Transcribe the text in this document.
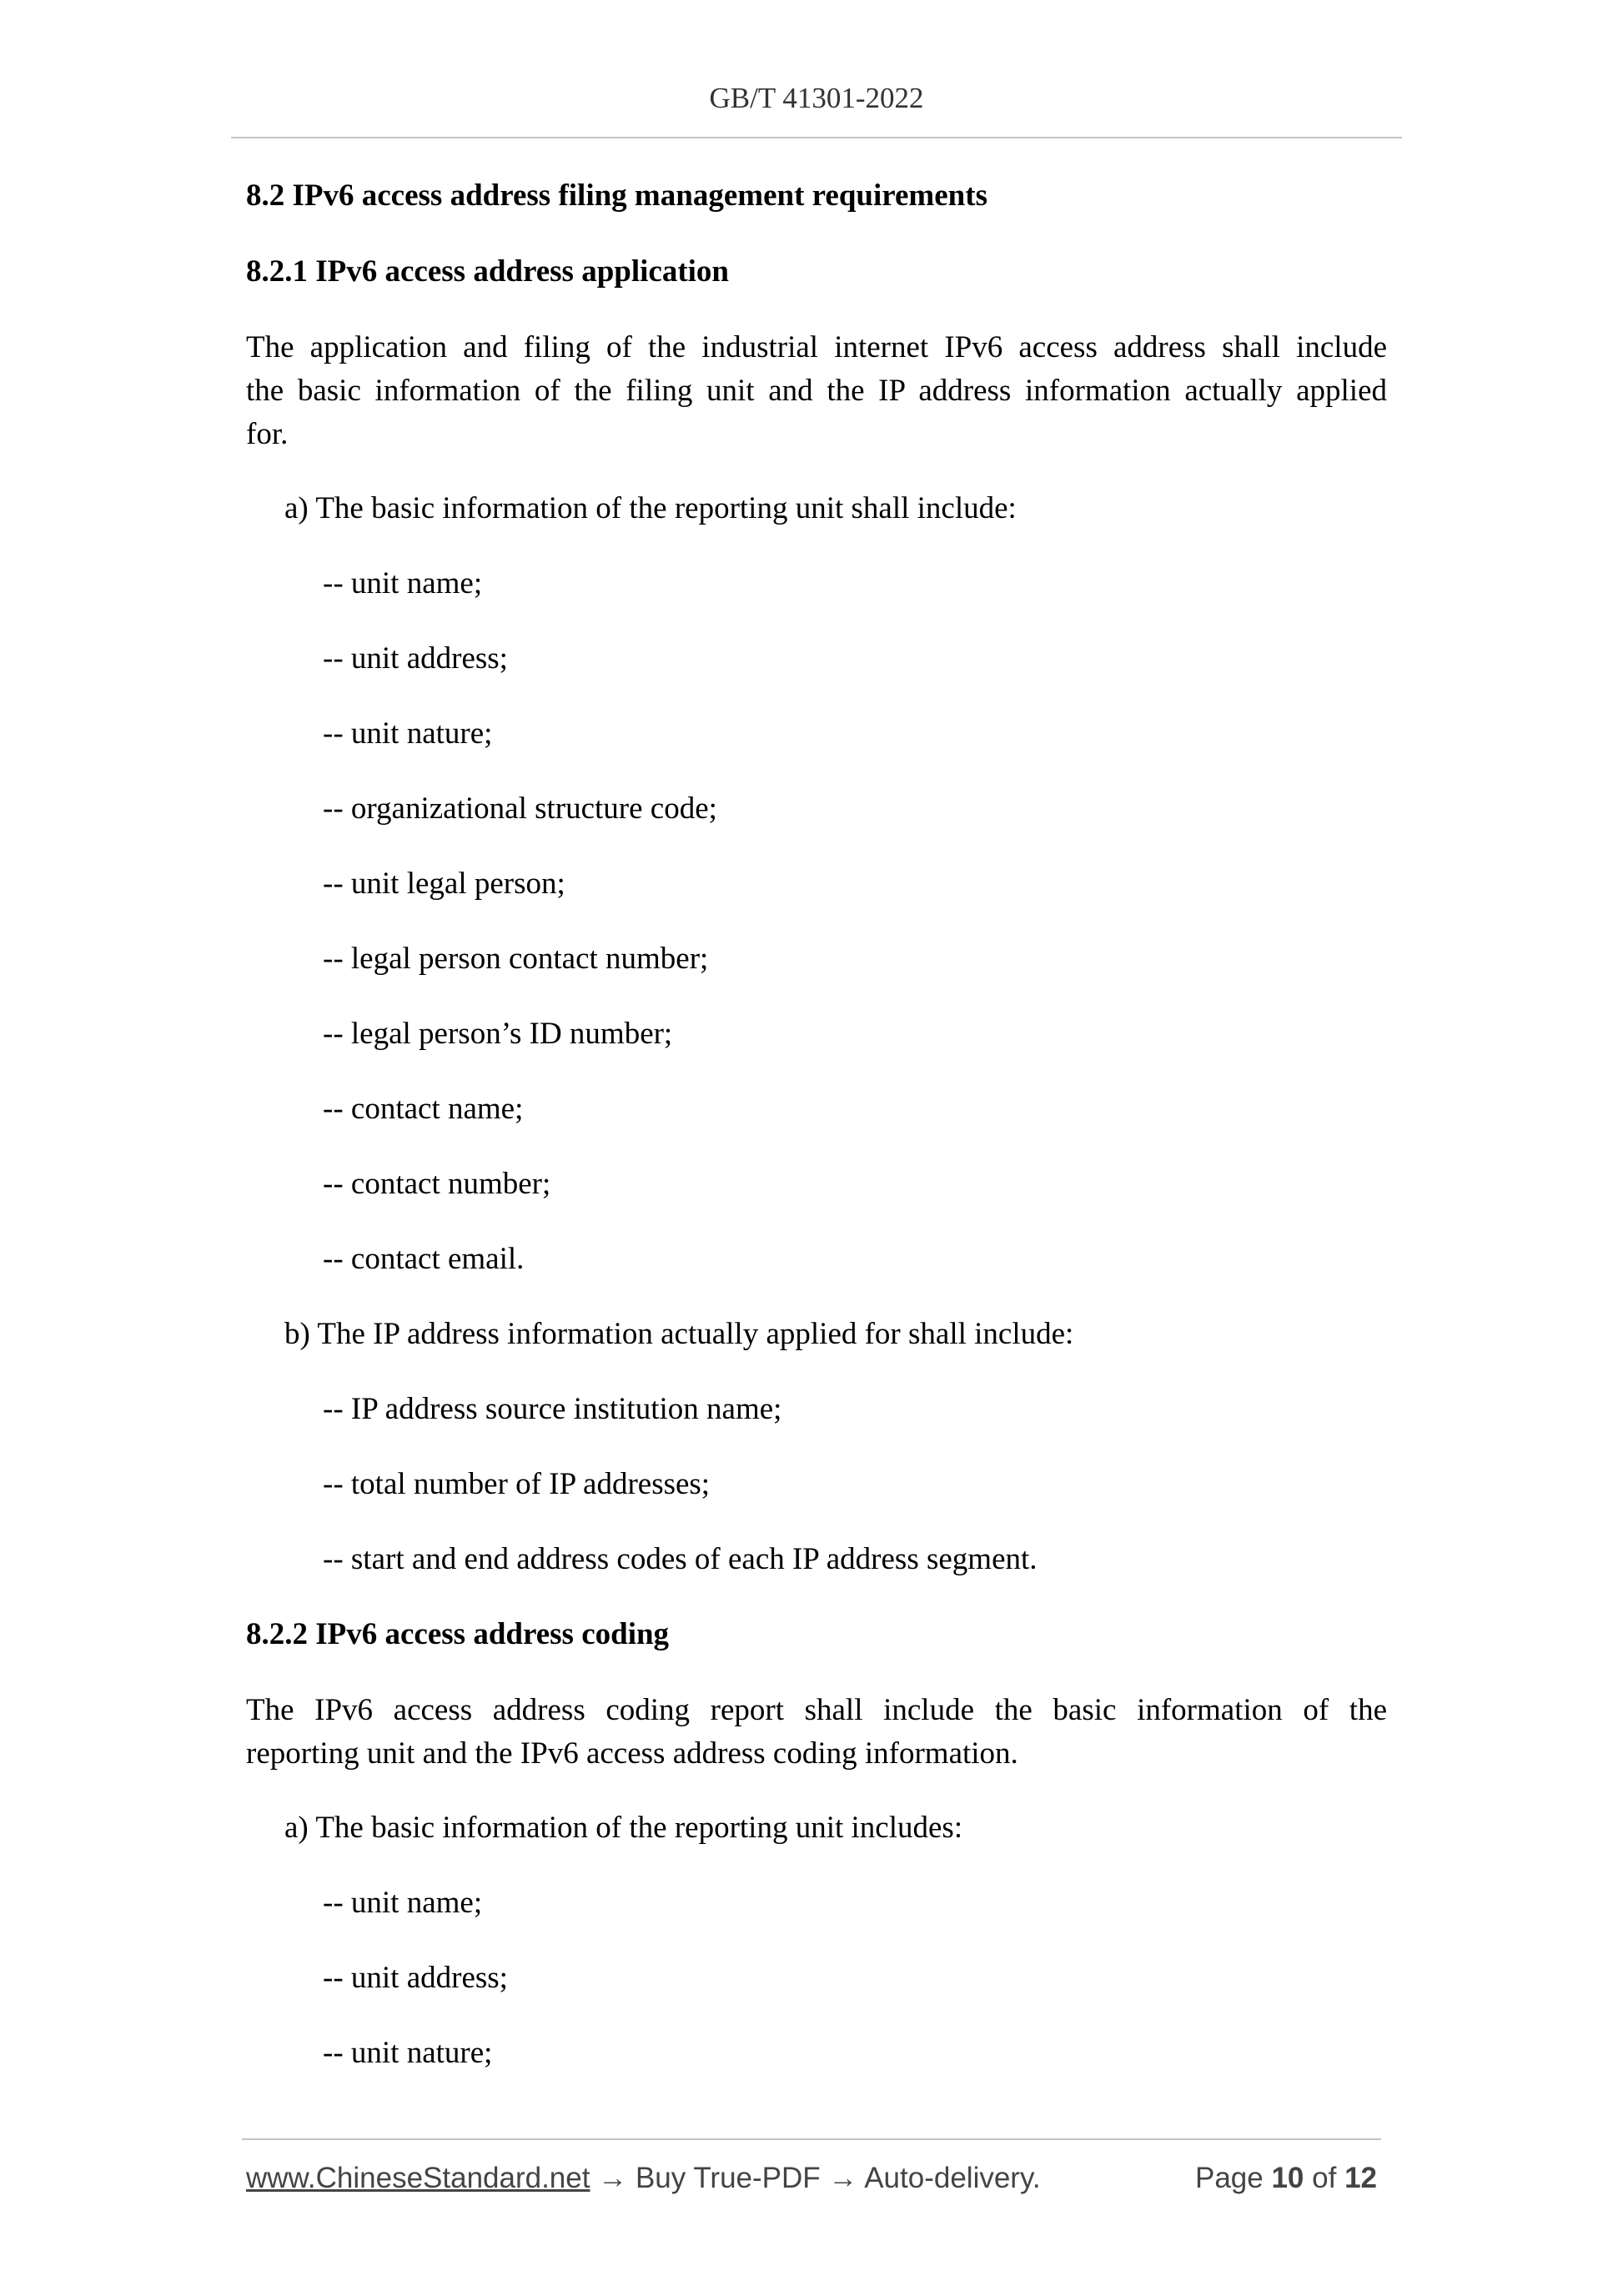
GB/T 41301-2022

8.2 IPv6 access address filing management requirements

8.2.1 IPv6 access address application

The application and filing of the industrial internet IPv6 access address shall include

the basic information of the filing unit and the IP address information actually applied

for.

a) The basic information of the reporting unit shall include:

-- unit name;

-- unit address;

-- unit nature;

-- organizational structure code;

-- unit legal person;

-- legal person contact number;

-- legal person’s ID number;

-- contact name;

-- contact number;

-- contact email.

b) The IP address information actually applied for shall include:

-- IP address source institution name;

-- total number of IP addresses;

-- start and end address codes of each IP address segment.

8.2.2 IPv6 access address coding

The IPv6 access address coding report shall include the basic information of the

reporting unit and the IPv6 access address coding information.

a) The basic information of the reporting unit includes:

-- unit name;

-- unit address;

-- unit nature;

www.ChineseStandard.net → Buy True-PDF → Auto-delivery.	Page 10 of 12
